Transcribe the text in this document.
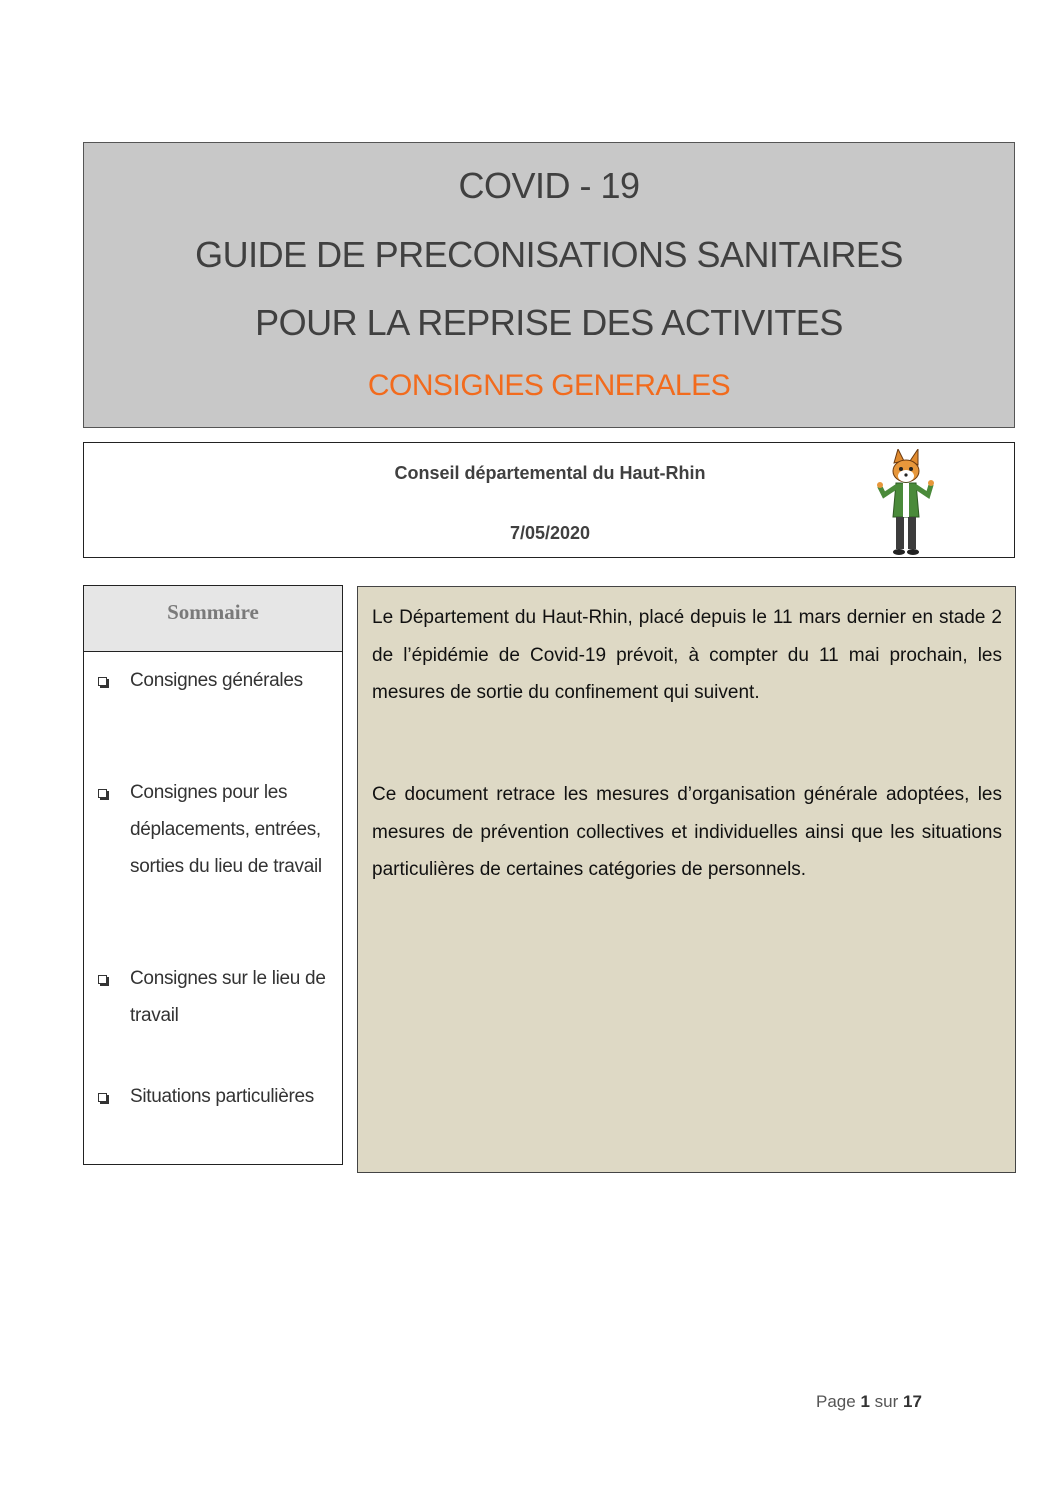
COVID - 19
GUIDE DE PRECONISATIONS SANITAIRES
POUR LA REPRISE DES ACTIVITES
CONSIGNES GENERALES
Conseil départemental du Haut-Rhin
7/05/2020
Sommaire
Consignes générales
Consignes pour les déplacements, entrées, sorties du lieu de travail
Consignes sur le lieu de travail
Situations particulières
Le Département du Haut-Rhin, placé depuis le 11 mars dernier en stade 2 de l’épidémie de Covid-19 prévoit, à compter du 11 mai prochain, les mesures de sortie du confinement qui suivent.
Ce document retrace les mesures d’organisation générale adoptées, les mesures de prévention collectives et individuelles ainsi que les situations particulières de certaines catégories de personnels.
Page 1 sur 17
